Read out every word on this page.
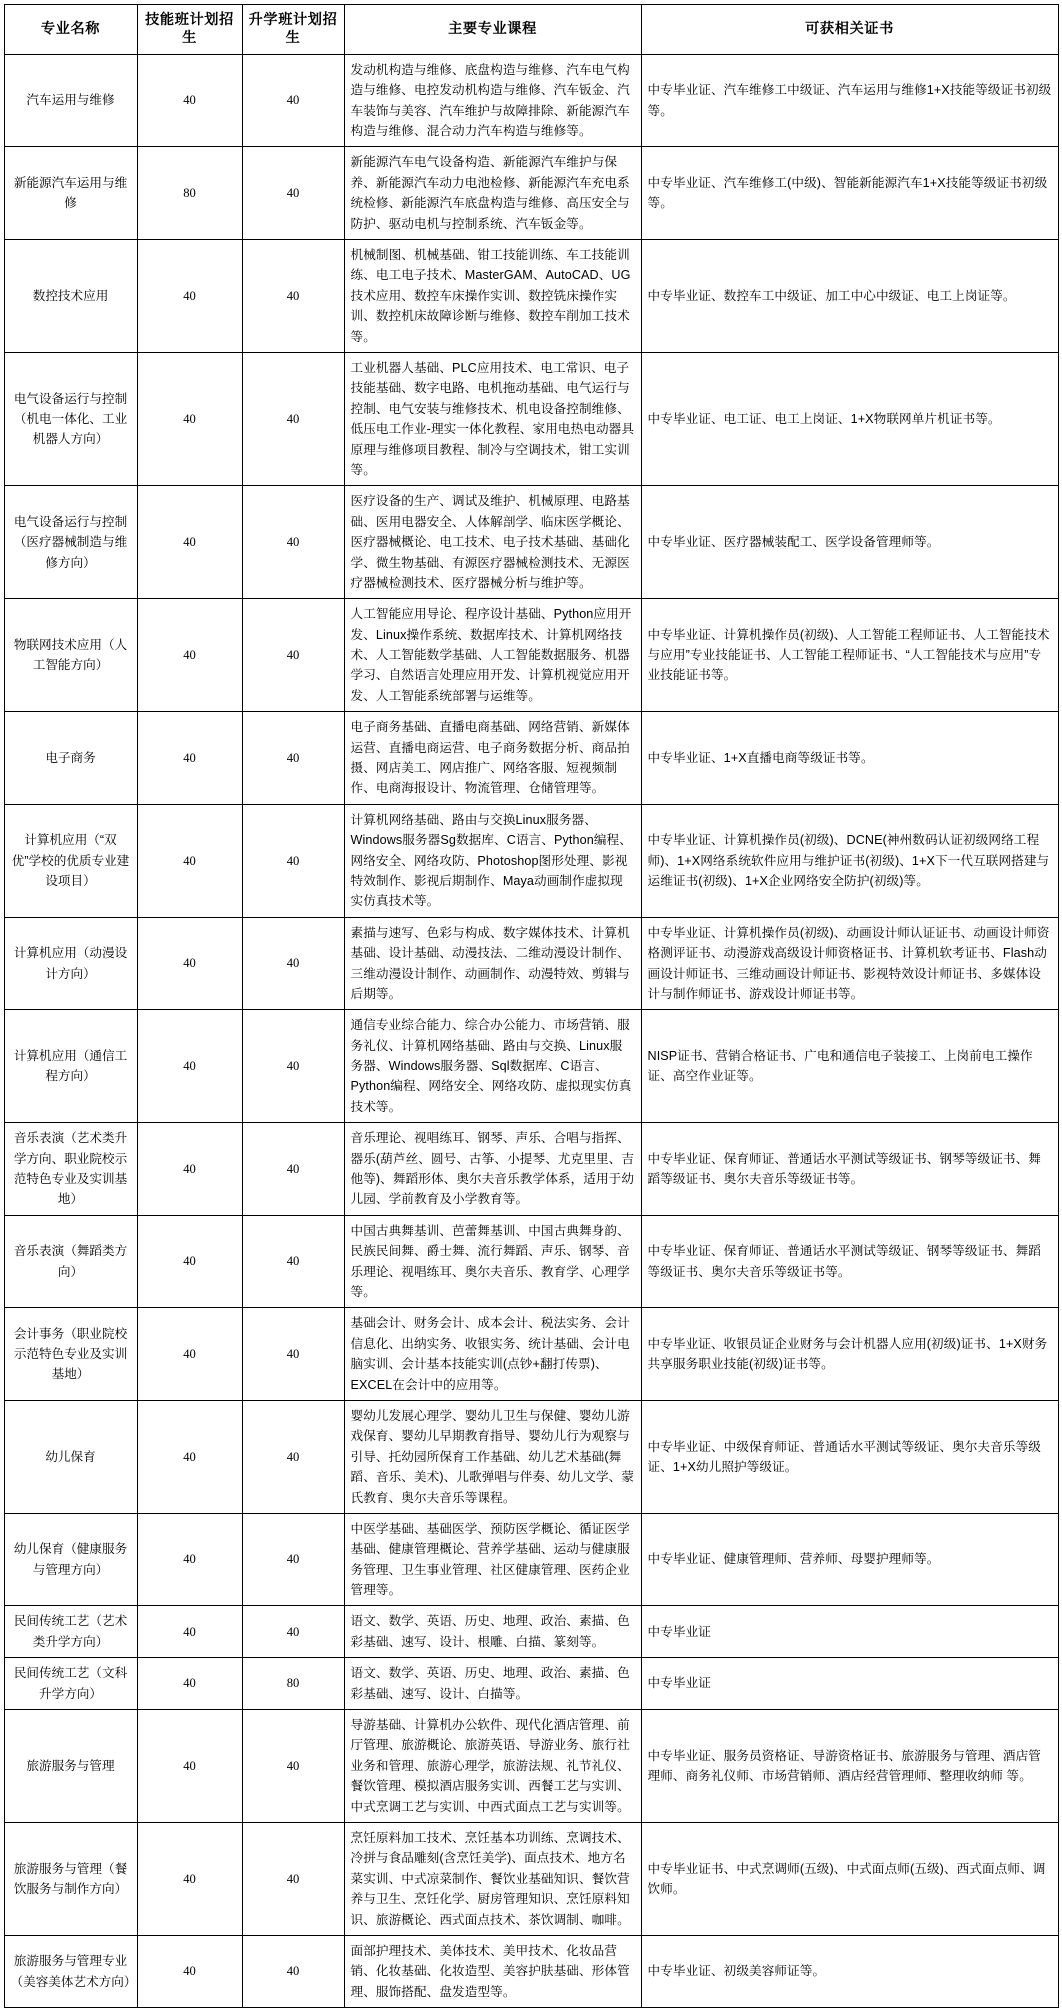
专业名称	技能班计划招生	升学班计划招生	主要专业课程	可获相关证书
汽车运用与维修	40	40	发动机构造与维修、底盘构造与维修、汽车电气构造与维修、电控发动机构造与维修、汽车钣金、汽车装饰与美容、汽车维护与故障排除、新能源汽车构造与维修、混合动力汽车构造与维修等。	中专毕业证、汽车维修工中级证、汽车运用与维修1+X技能等级证书初级等。
新能源汽车运用与维修	80	40	新能源汽车电气设备构造、新能源汽车维护与保养、新能源汽车动力电池检修、新能源汽车充电系统检修、新能源汽车底盘构造与维修、高压安全与防护、驱动电机与控制系统、汽车钣金等。	中专毕业证、汽车维修工(中级)、智能新能源汽车1+X技能等级证书初级等。
数控技术应用	40	40	机械制图、机械基础、钳工技能训练、车工技能训练、电工电子技术、MasterGAM、AutoCAD、UG技术应用、数控车床操作实训、数控铣床操作实训、数控机床故障诊断与维修、数控车削加工技术等。	中专毕业证、数控车工中级证、加工中心中级证、电工上岗证等。
电气设备运行与控制（机电一体化、工业机器人方向）	40	40	工业机器人基础、PLC应用技术、电工常识、电子技能基础、数字电路、电机拖动基础、电气运行与控制、电气安装与维修技术、机电设备控制维修、低压电工作业-理实一体化教程、家用电热电动器具原理与维修项目教程、制冷与空调技术，钳工实训等。	中专毕业证、电工证、电工上岗证、1+X物联网单片机证书等。
电气设备运行与控制（医疗器械制造与维修方向）	40	40	医疗设备的生产、调试及维护、机械原理、电路基础、医用电器安全、人体解剖学、临床医学概论、医疗器械概论、电工技术、电子技术基础、基础化学、微生物基础、有源医疗器械检测技术、无源医疗器械检测技术、医疗器械分析与维护等。	中专毕业证、医疗器械装配工、医学设备管理师等。
物联网技术应用（人工智能方向）	40	40	人工智能应用导论、程序设计基础、Python应用开发、Linux操作系统、数据库技术、计算机网络技术、人工智能数学基础、人工智能数据服务、机器学习、自然语言处理应用开发、计算机视觉应用开发、人工智能系统部署与运维等。	中专毕业证、计算机操作员(初级)、人工智能工程师证书、人工智能技术与应用”专业技能证书、人工智能工程师证书、“人工智能技术与应用”专业技能证书等。
电子商务	40	40	电子商务基础、直播电商基础、网络营销、新媒体运营、直播电商运营、电子商务数据分析、商品拍摄、网店美工、网店推广、网络客服、短视频制作、电商海报设计、物流管理、仓储管理等。	中专毕业证、1+X直播电商等级证书等。
计算机应用（“双优”学校的优质专业建设项目）	40	40	计算机网络基础、路由与交换Linux服务器、Windows服务器Sg数据库、C语言、Python编程、网络安全、网络攻防、Photoshop图形处理、影视特效制作、影视后期制作、Maya动画制作虚拟现实仿真技术等。	中专毕业证、计算机操作员(初级)、DCNE(神州数码认证初级网络工程师)、1+X网络系统软件应用与维护证书(初级)、1+X下一代互联网搭建与运维证书(初级)、1+X企业网络安全防护(初级)等。
计算机应用（动漫设计方向）	40	40	素描与速写、色彩与构成、数字媒体技术、计算机基础、设计基础、动漫技法、二维动漫设计制作、三维动漫设计制作、动画制作、动漫特效、剪辑与后期等。	中专毕业证、计算机操作员(初级)、动画设计师认证证书、动画设计师资格测评证书、动漫游戏高级设计师资格证书、计算机软考证书、Flash动画设计师证书、三维动画设计师证书、影视特效设计师证书、多媒体设计与制作师证书、游戏设计师证书等。
计算机应用（通信工程方向）	40	40	通信专业综合能力、综合办公能力、市场营销、服务礼仪、计算机网络基础、路由与交换、Linux服务器、Windows服务器、Sql数据库、C语言、Python编程、网络安全、网络攻防、虚拟现实仿真技术等。	NISP证书、营销合格证书、广电和通信电子装接工、上岗前电工操作证、高空作业证等。
音乐表演（艺术类升学方向、职业院校示范特色专业及实训基地）	40	40	音乐理论、视唱练耳、钢琴、声乐、合唱与指挥、器乐(葫芦丝、圆号、古筝、小提琴、尤克里里、吉他等)、舞蹈形体、奥尔夫音乐教学体系，适用于幼儿园、学前教育及小学教育等。	中专毕业证、保育师证、普通话水平测试等级证书、钢琴等级证书、舞蹈等级证书、奥尔夫音乐等级证书等。
音乐表演（舞蹈类方向）	40	40	中国古典舞基训、芭蕾舞基训、中国古典舞身韵、民族民间舞、爵士舞、流行舞蹈、声乐、钢琴、音乐理论、视唱练耳、奥尔夫音乐、教育学、心理学等。	中专毕业证、保育师证、普通话水平测试等级证、钢琴等级证书、舞蹈等级证书、奥尔夫音乐等级证书等。
会计事务（职业院校示范特色专业及实训基地）	40	40	基础会计、财务会计、成本会计、税法实务、会计信息化、出纳实务、收银实务、统计基础、会计电脑实训、会计基本技能实训(点钞+翻打传票)、EXCEL在会计中的应用等。	中专毕业证、收银员证企业财务与会计机器人应用(初级)证书、1+X财务共享服务职业技能(初级)证书等。
幼儿保育	40	40	婴幼儿发展心理学、婴幼儿卫生与保健、婴幼儿游戏保育、婴幼儿早期教育指导、婴幼儿行为观察与引导、托幼园所保育工作基础、幼儿艺术基础(舞蹈、音乐、美术)、儿歌弹唱与伴奏、幼儿文学、蒙氏教育、奥尔夫音乐等课程。	中专毕业证、中级保育师证、普通话水平测试等级证、奥尔夫音乐等级证、1+X幼儿照护等级证。
幼儿保育（健康服务与管理方向）	40	40	中医学基础、基础医学、预防医学概论、循证医学基础、健康管理概论、营养学基础、运动与健康服务管理、卫生事业管理、社区健康管理、医药企业管理等。	中专毕业证、健康管理师、营养师、母婴护理师等。
民间传统工艺（艺术类升学方向）	40	40	语文、数学、英语、历史、地理、政治、素描、色彩基础、速写、设计、根雕、白描、篆刻等。	中专毕业证
民间传统工艺（文科升学方向）	40	80	语文、数学、英语、历史、地理、政治、素描、色彩基础、速写、设计、白描等。	中专毕业证
旅游服务与管理	40	40	导游基础、计算机办公软件、现代化酒店管理、前厅管理、旅游概论、旅游英语、导游业务、旅行社业务和管理、旅游心理学，旅游法规、礼节礼仪、餐饮管理、模拟酒店服务实训、西餐工艺与实训、中式烹调工艺与实训、中西式面点工艺与实训等。	中专毕业证、服务员资格证、导游资格证书、旅游服务与管理、酒店管理师、商务礼仪师、市场营销师、酒店经营管理师、整理收纳师 等。
旅游服务与管理（餐饮服务与制作方向）	40	40	烹饪原料加工技术、烹饪基本功训练、烹调技术、冷拼与食品雕刻(含烹饪美学)、面点技术、地方名菜实训、中式凉菜制作、餐饮业基础知识、餐饮营养与卫生、烹饪化学、厨房管理知识、烹饪原料知识、旅游概论、西式面点技术、茶饮调制、咖啡。	中专毕业证书、中式烹调师(五级)、中式面点师(五级)、西式面点师、调饮师。
旅游服务与管理专业（美容美体艺术方向）	40	40	面部护理技术、美体技术、美甲技术、化妆品营销、化妆基础、化妆造型、美容护肤基础、形体管理、服饰搭配、盘发造型等。	中专毕业证、初级美容师证等。
